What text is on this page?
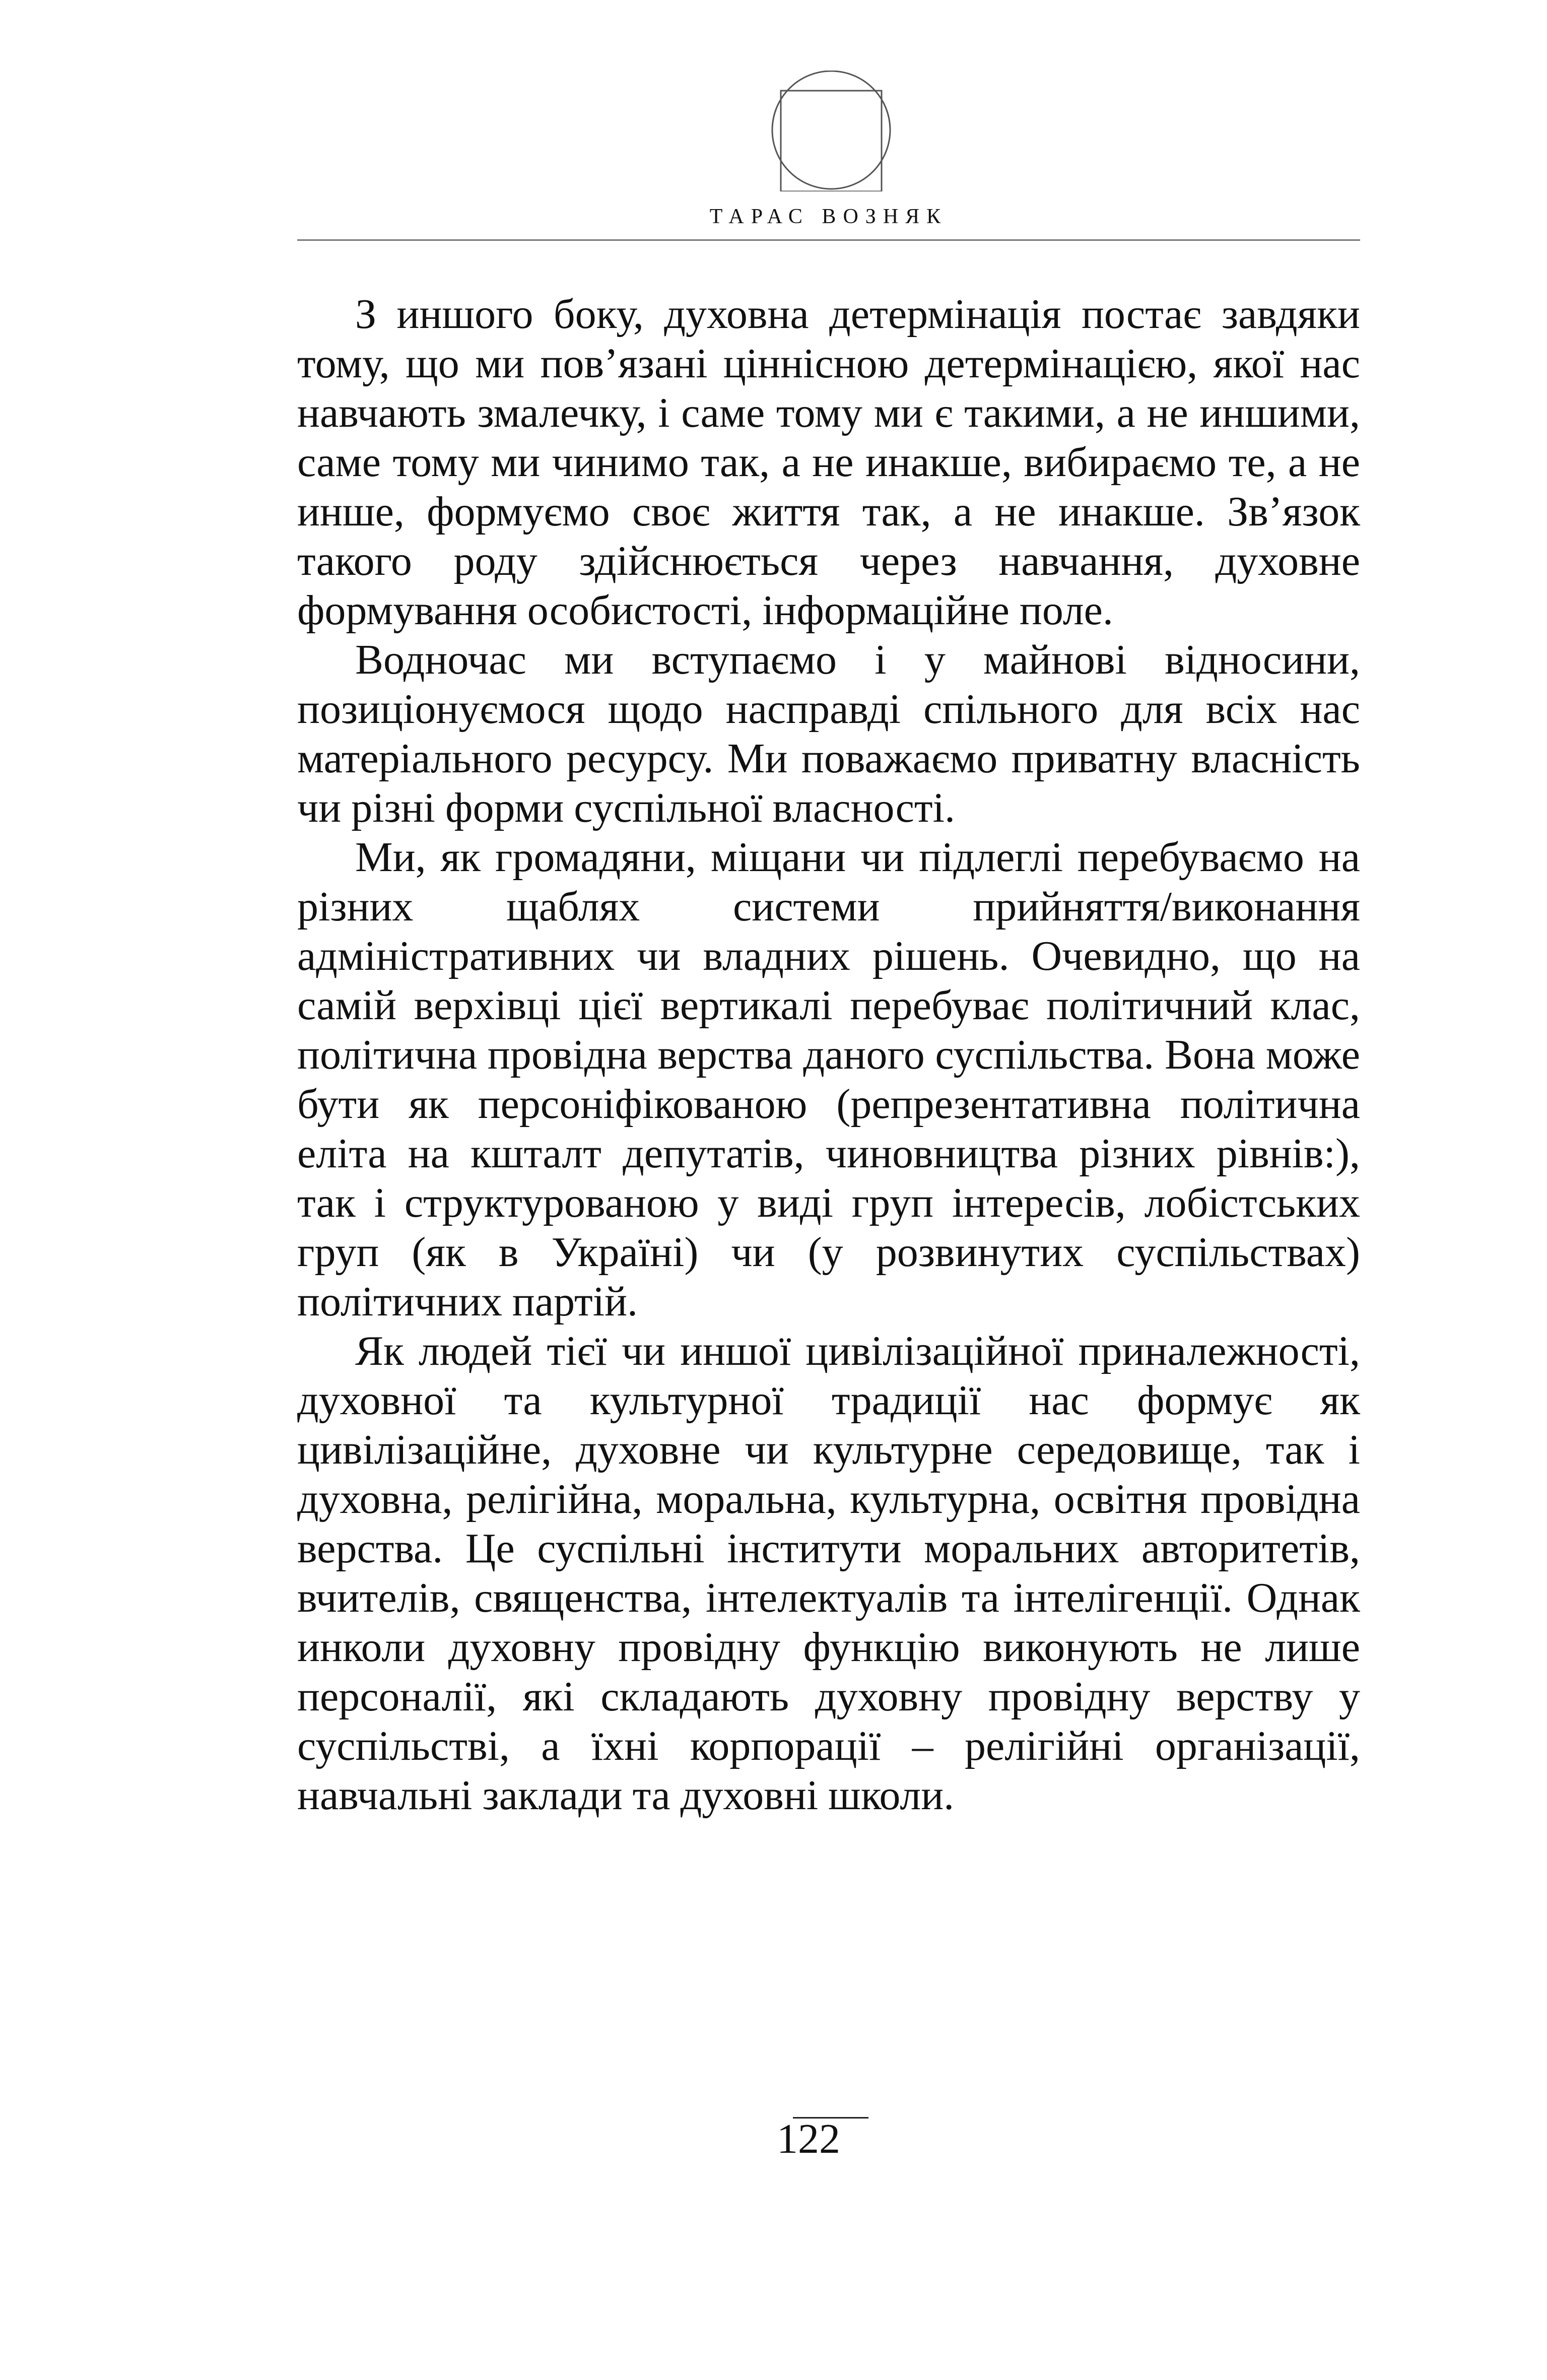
ТАРАС ВОЗНЯК

З иншого боку, духовна детермінація постає завдяки тому, що ми пов’язані ціннісною детермінацією, якої нас навчають змалечку, і саме тому ми є такими, а не иншими, саме тому ми чинимо так, а не инакше, вибираємо те, а не инше, формуємо своє життя так, а не инакше. Зв’язок такого роду здійснюється через навчання, духовне формування особистості, інформаційне поле.

Водночас ми вступаємо і у майнові відносини, позиціонуємося щодо насправді спільного для всіх нас матеріального ресурсу. Ми поважаємо приватну власність чи різні форми суспільної власності.

Ми, як громадяни, міщани чи підлеглі перебуваємо на різних щаблях системи прийняття/виконання адміністративних чи владних рішень. Очевидно, що на самій верхівці цієї вертикалі перебуває політичний клас, політична провідна верства даного суспільства. Вона може бути як персоніфікованою (репрезентативна політична еліта на кшталт депутатів, чиновництва різних рівнів:), так і структурованою у виді груп інтересів, лобістських груп (як в Україні) чи (у розвинутих суспільствах) політичних партій.

Як людей тієї чи иншої цивілізаційної приналежності, духовної та культурної традиції нас формує як цивілізаційне, духовне чи культурне середовище, так і духовна, релігійна, моральна, культурна, освітня провідна верства. Це суспільні інститути моральних авторитетів, вчителів, священства, інтелектуалів та інтелігенції. Однак инколи духовну провідну функцію виконують не лише персоналії, які складають духовну провідну верству у суспільстві, а їхні корпорації – релігійні організації, навчальні заклади та духовні школи.

122
